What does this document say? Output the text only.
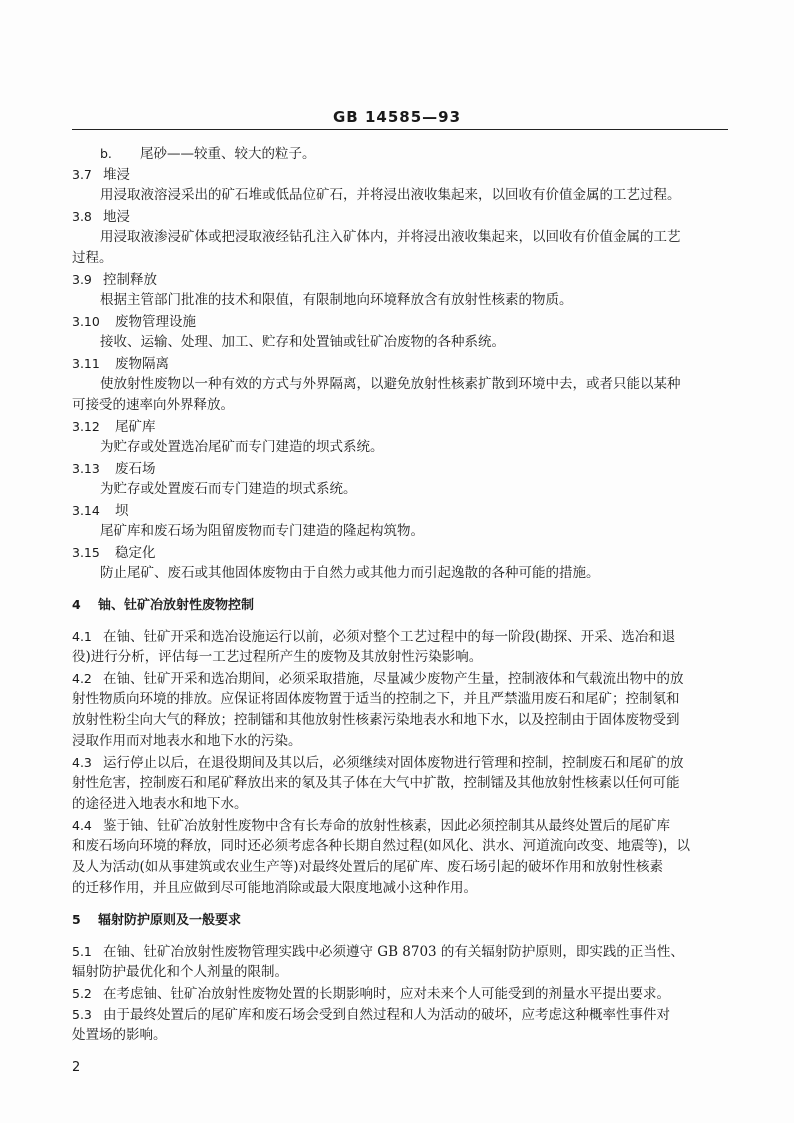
GB 14585—93
b. 尾砂——较重、较大的粒子。
3.7 堆浸
用浸取液溶浸采出的矿石堆或低品位矿石，并将浸出液收集起来，以回收有价值金属的工艺过程。
3.8 地浸
用浸取液渗浸矿体或把浸取液经钻孔注入矿体内，并将浸出液收集起来，以回收有价值金属的工艺
过程。
3.9 控制释放
根据主管部门批准的技术和限值，有限制地向环境释放含有放射性核素的物质。
3.10 废物管理设施
接收、运输、处理、加工、贮存和处置铀或钍矿冶废物的各种系统。
3.11 废物隔离
使放射性废物以一种有效的方式与外界隔离，以避免放射性核素扩散到环境中去，或者只能以某种
可接受的速率向外界释放。
3.12 尾矿库
为贮存或处置选冶尾矿而专门建造的坝式系统。
3.13 废石场
为贮存或处置废石而专门建造的坝式系统。
3.14 坝
尾矿库和废石场为阻留废物而专门建造的隆起构筑物。
3.15 稳定化
防止尾矿、废石或其他固体废物由于自然力或其他力而引起逸散的各种可能的措施。
4 铀、钍矿冶放射性废物控制
4.1 在铀、钍矿开采和选冶设施运行以前，必须对整个工艺过程中的每一阶段(勘探、开采、选冶和退
役)进行分析，评估每一工艺过程所产生的废物及其放射性污染影响。
4.2 在铀、钍矿开采和选冶期间，必须采取措施，尽量减少废物产生量，控制液体和气载流出物中的放
射性物质向环境的排放。应保证将固体废物置于适当的控制之下，并且严禁滥用废石和尾矿；控制氡和
放射性粉尘向大气的释放；控制镭和其他放射性核素污染地表水和地下水，以及控制由于固体废物受到
浸取作用而对地表水和地下水的污染。
4.3 运行停止以后，在退役期间及其以后，必须继续对固体废物进行管理和控制，控制废石和尾矿的放
射性危害，控制废石和尾矿释放出来的氡及其子体在大气中扩散，控制镭及其他放射性核素以任何可能
的途径进入地表水和地下水。
4.4 鉴于铀、钍矿冶放射性废物中含有长寿命的放射性核素，因此必须控制其从最终处置后的尾矿库
和废石场向环境的释放，同时还必须考虑各种长期自然过程(如风化、洪水、河道流向改变、地震等)，以
及人为活动(如从事建筑或农业生产等)对最终处置后的尾矿库、废石场引起的破坏作用和放射性核素
的迁移作用，并且应做到尽可能地消除或最大限度地减小这种作用。
5 辐射防护原则及一般要求
5.1 在铀、钍矿冶放射性废物管理实践中必须遵守 GB 8703 的有关辐射防护原则，即实践的正当性、
辐射防护最优化和个人剂量的限制。
5.2 在考虑铀、钍矿冶放射性废物处置的长期影响时，应对未来个人可能受到的剂量水平提出要求。
5.3 由于最终处置后的尾矿库和废石场会受到自然过程和人为活动的破坏，应考虑这种概率性事件对
处置场的影响。
2
